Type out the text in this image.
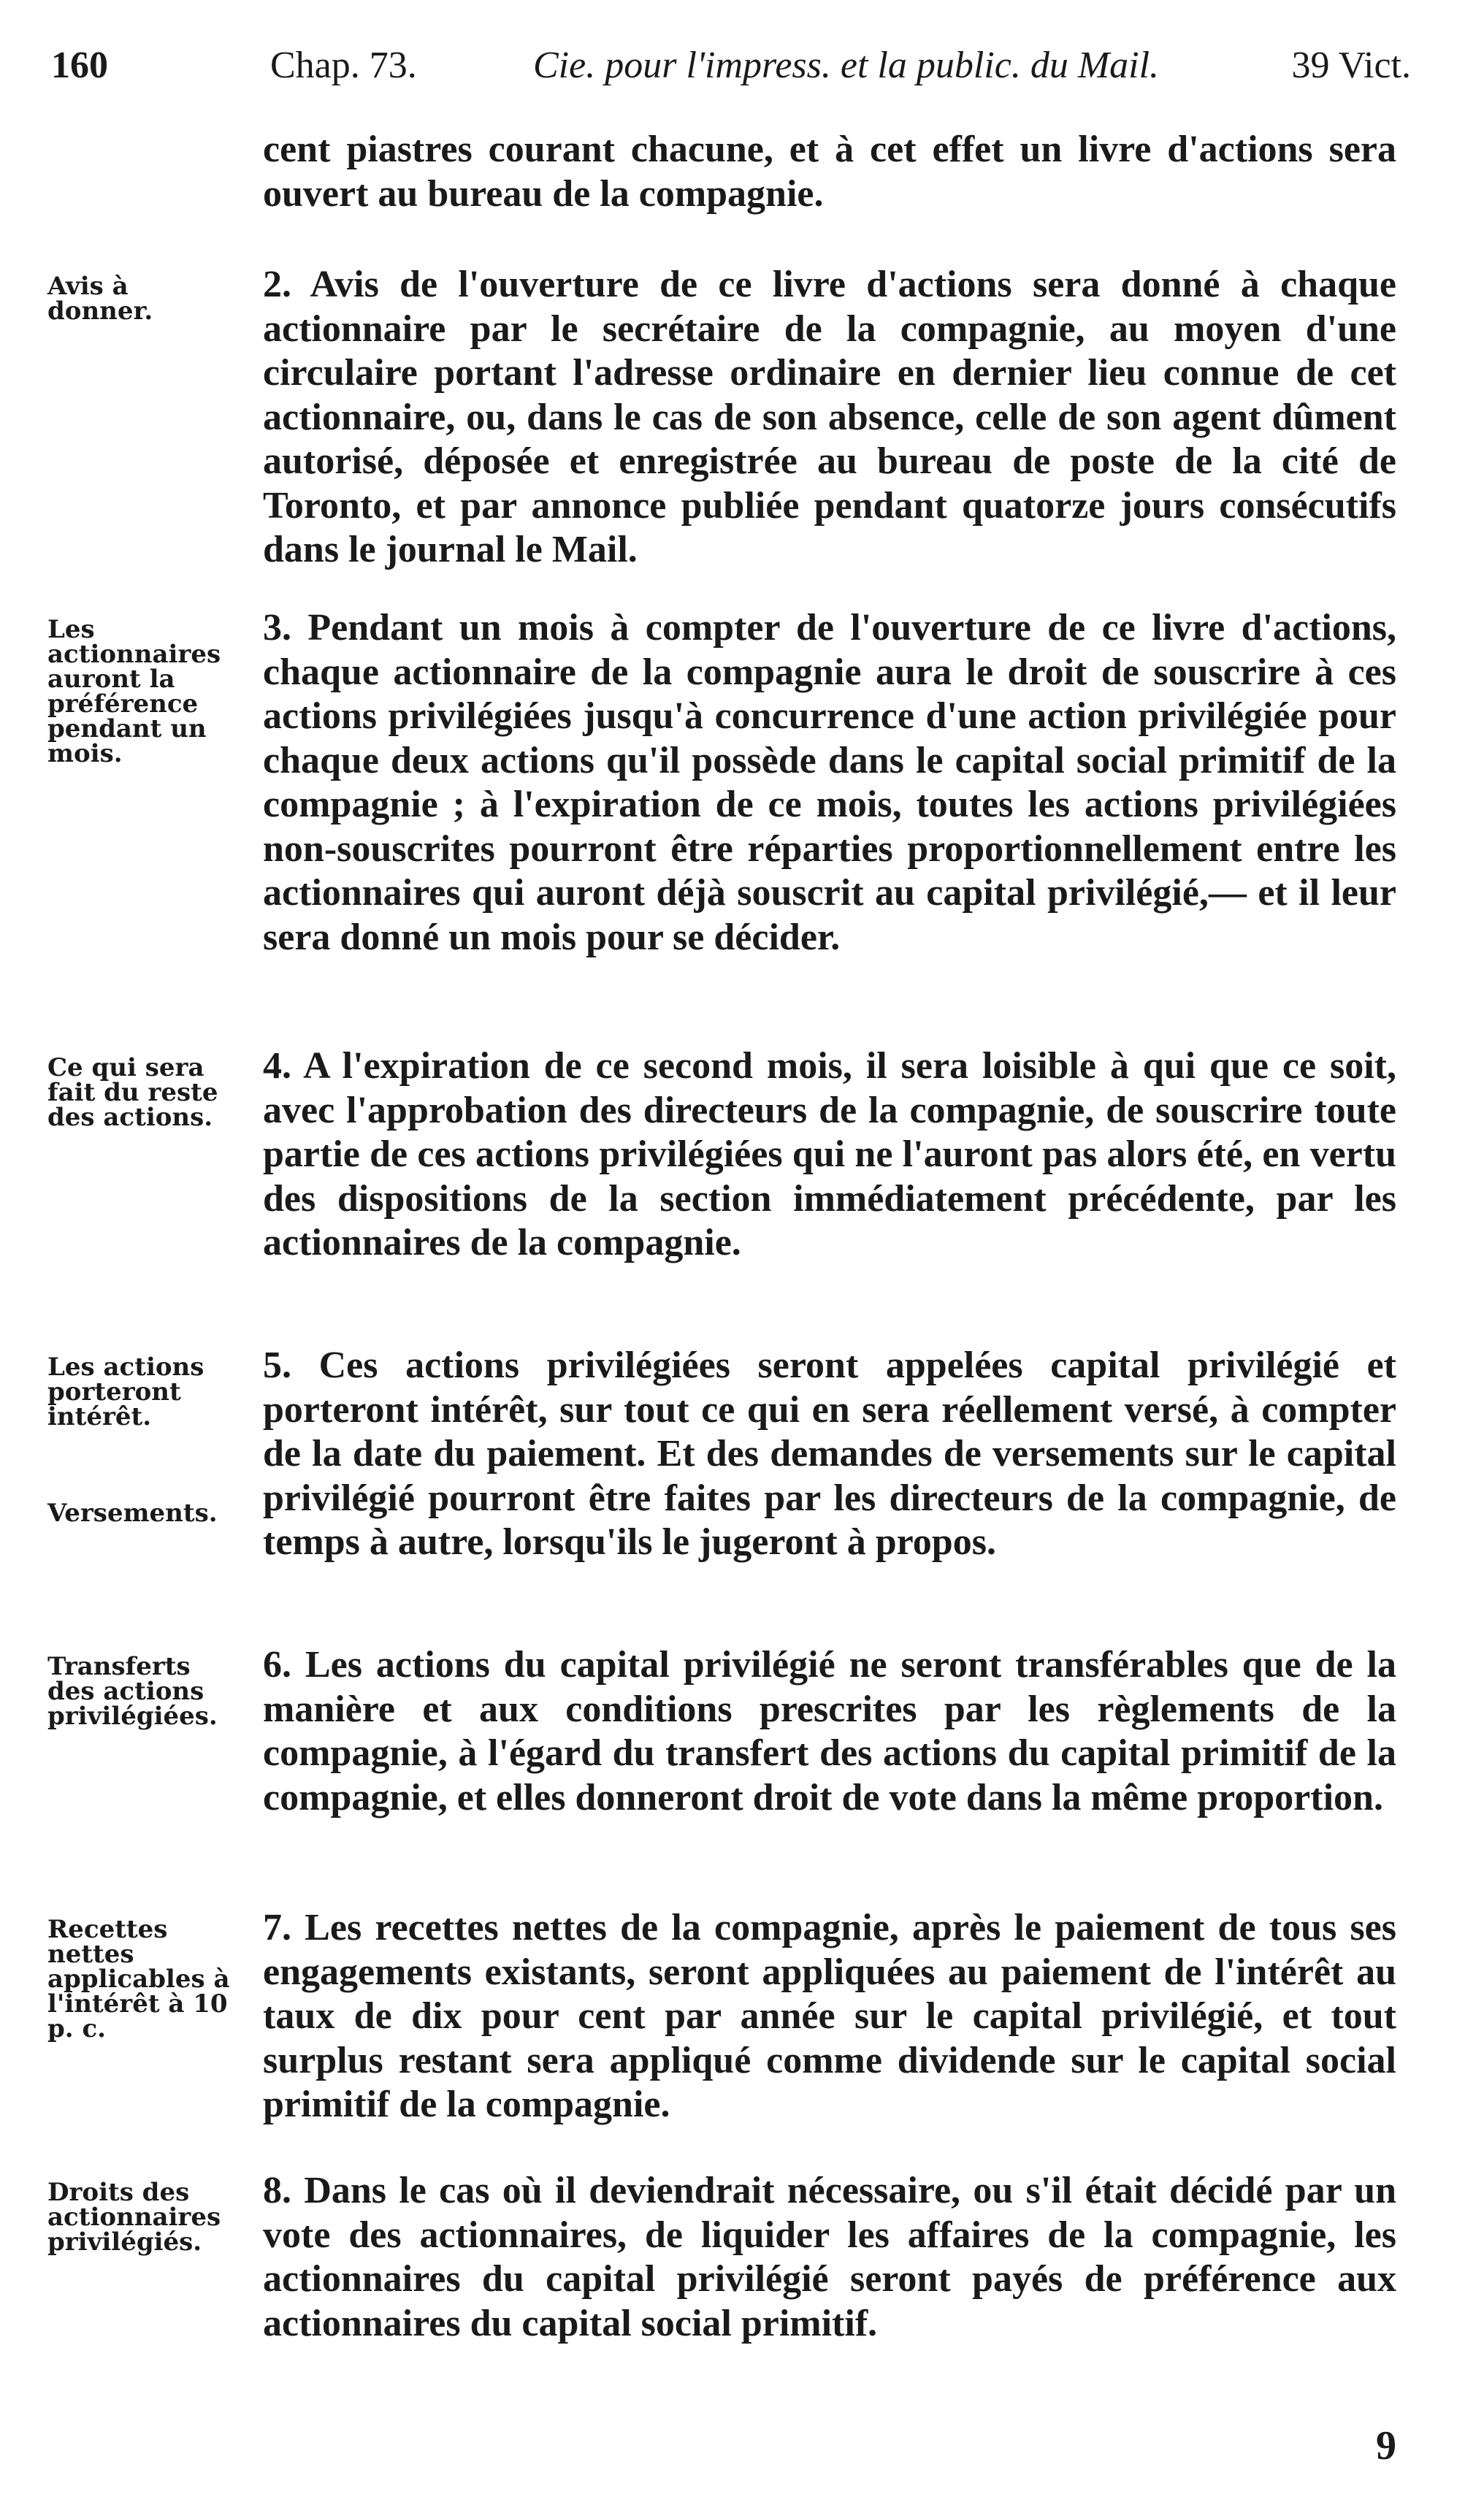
160	Chap. 73.	Cie. pour l'impress. et la public. du Mail.	39 Vict.
cent piastres courant chacune, et à cet effet un livre d'actions sera ouvert au bureau de la compagnie.
Avis à donner.
2. Avis de l'ouverture de ce livre d'actions sera donné à chaque actionnaire par le secrétaire de la compagnie, au moyen d'une circulaire portant l'adresse ordinaire en dernier lieu connue de cet actionnaire, ou, dans le cas de son absence, celle de son agent dûment autorisé, déposée et enregistrée au bureau de poste de la cité de Toronto, et par annonce publiée pendant quatorze jours consécutifs dans le journal le Mail.
Les actionnaires auront la préférence pendant un mois.
3. Pendant un mois à compter de l'ouverture de ce livre d'actions, chaque actionnaire de la compagnie aura le droit de souscrire à ces actions privilégiées jusqu'à concurrence d'une action privilégiée pour chaque deux actions qu'il possède dans le capital social primitif de la compagnie ; à l'expiration de ce mois, toutes les actions privilégiées non-souscrites pourront être réparties proportionnellement entre les actionnaires qui auront déjà souscrit au capital privilégié,— et il leur sera donné un mois pour se décider.
Ce qui sera fait du reste des actions.
4. A l'expiration de ce second mois, il sera loisible à qui que ce soit, avec l'approbation des directeurs de la compagnie, de souscrire toute partie de ces actions privilégiées qui ne l'auront pas alors été, en vertu des dispositions de la section immédiatement précédente, par les actionnaires de la compagnie.
Les actions porteront intérêt.
Versements.
5. Ces actions privilégiées seront appelées capital privilégié et porteront intérêt, sur tout ce qui en sera réellement versé, à compter de la date du paiement. Et des demandes de versements sur le capital privilégié pourront être faites par les directeurs de la compagnie, de temps à autre, lorsqu'ils le jugeront à propos.
Transferts des actions privilégiées.
6. Les actions du capital privilégié ne seront transférables que de la manière et aux conditions prescrites par les règlements de la compagnie, à l'égard du transfert des actions du capital primitif de la compagnie, et elles donneront droit de vote dans la même proportion.
Recettes nettes applicables à l'intérêt à 10 p. c.
7. Les recettes nettes de la compagnie, après le paiement de tous ses engagements existants, seront appliquées au paiement de l'intérêt au taux de dix pour cent par année sur le capital privilégié, et tout surplus restant sera appliqué comme dividende sur le capital social primitif de la compagnie.
Droits des actionnaires privilégiés.
8. Dans le cas où il deviendrait nécessaire, ou s'il était décidé par un vote des actionnaires, de liquider les affaires de la compagnie, les actionnaires du capital privilégié seront payés de préférence aux actionnaires du capital social primitif.
9
